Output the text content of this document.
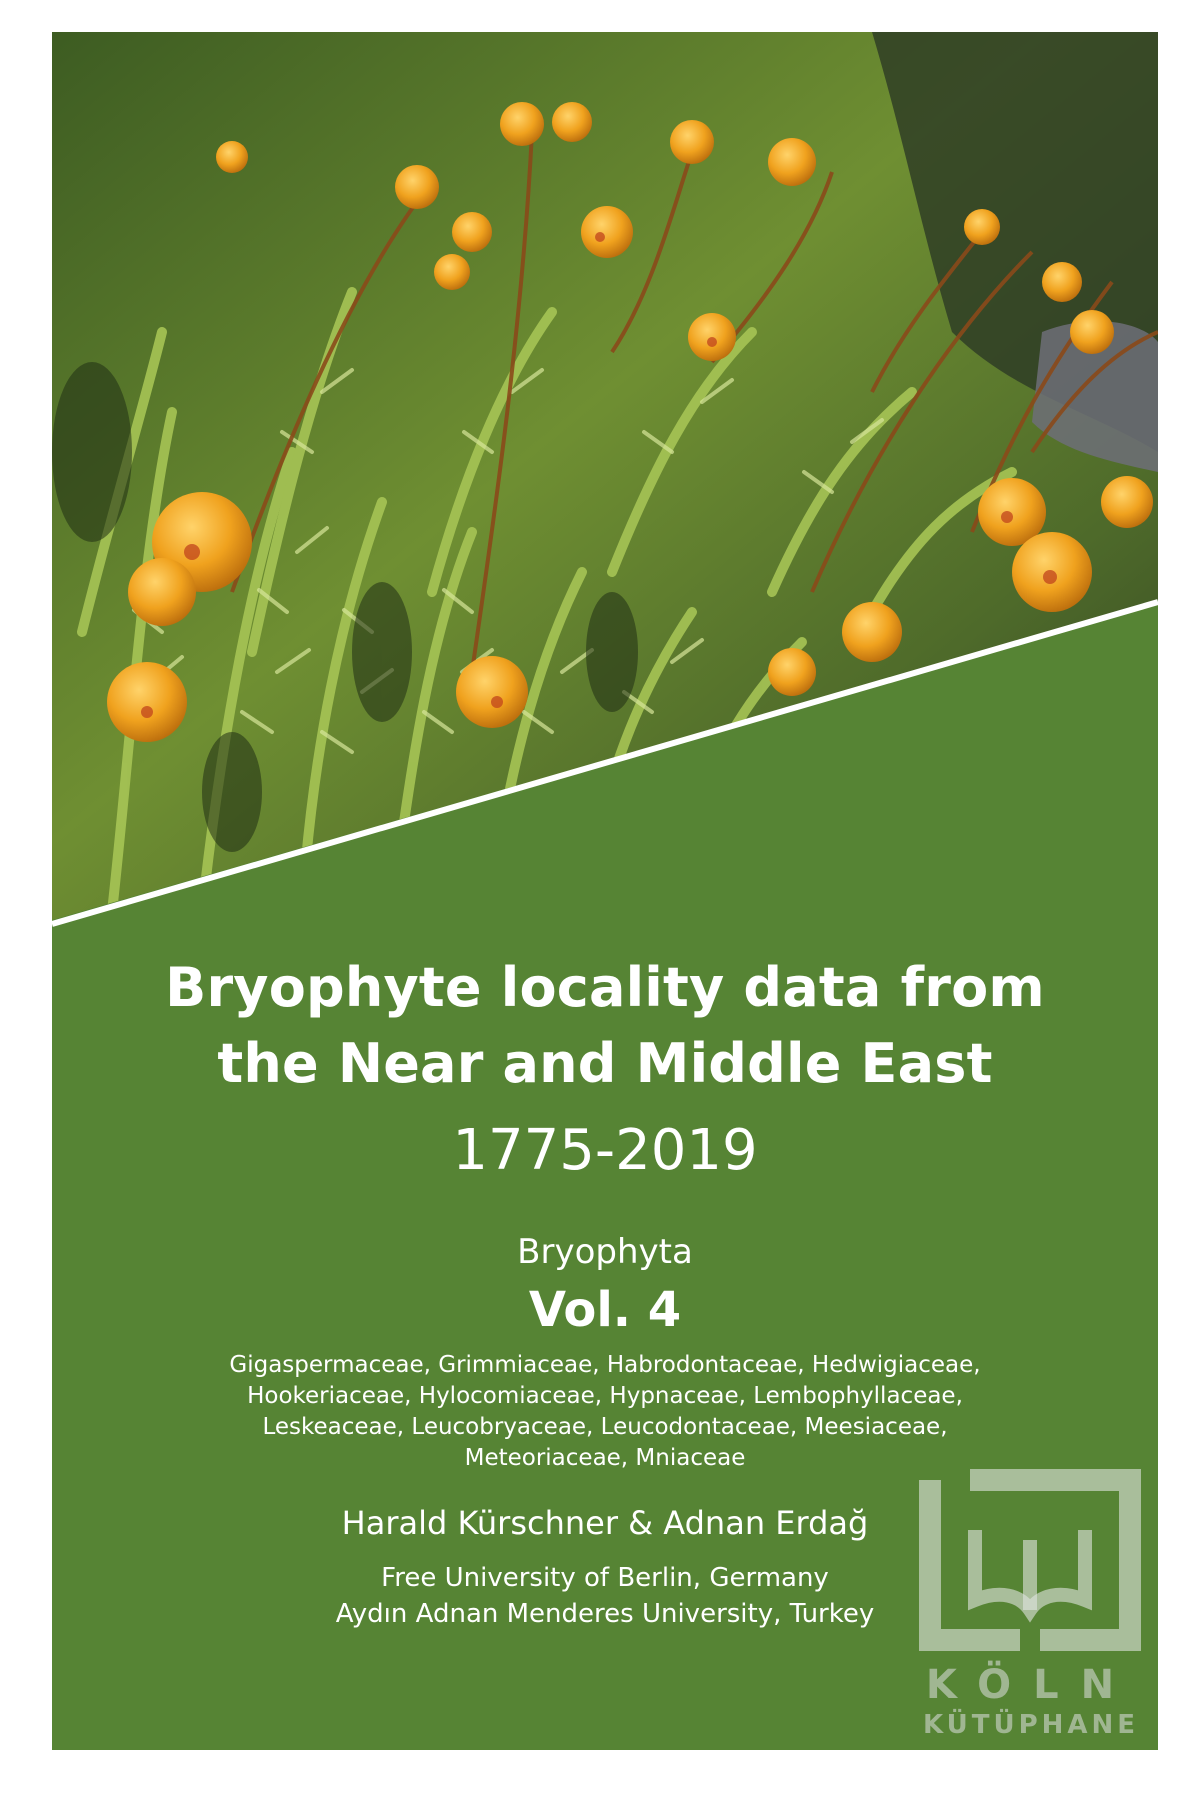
Bryophyte locality data from
the Near and Middle East
1775-2019
Bryophyta
Vol. 4
Gigaspermaceae, Grimmiaceae, Habrodontaceae, Hedwigiaceae,
Hookeriaceae, Hylocomiaceae, Hypnaceae, Lembophyllaceae,
Leskeaceae, Leucobryaceae, Leucodontaceae, Meesiaceae,
Meteoriaceae, Mniaceae
Harald Kürschner & Adnan Erdağ
Free University of Berlin, Germany
Aydın Adnan Menderes University, Turkey
KÖLN
KÜTÜPHANE
